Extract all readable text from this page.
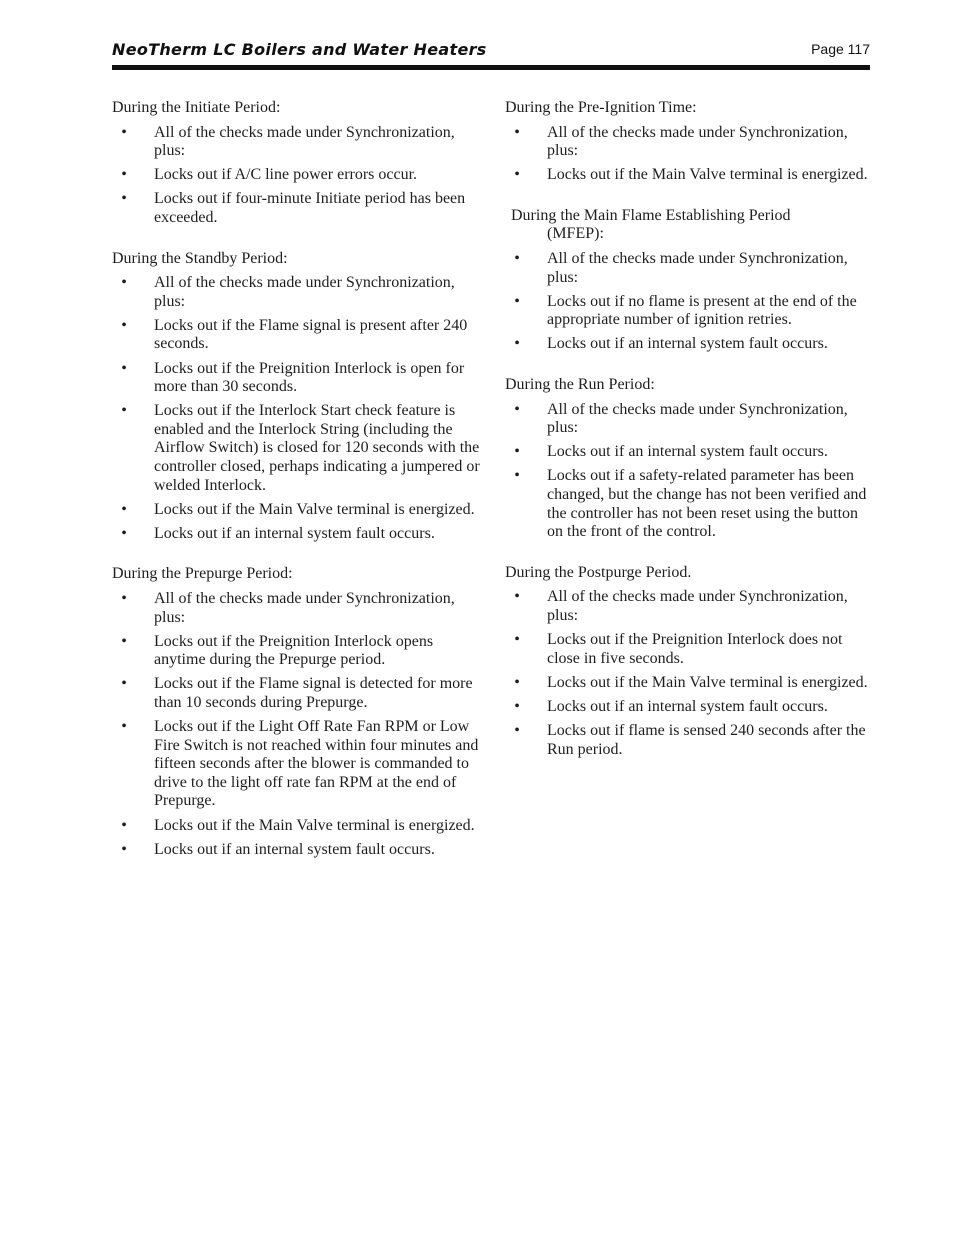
NeoTherm LC Boilers and Water Heaters	Page 117
During the Initiate Period:
• All of the checks made under Synchronization, plus:
• Locks out if A/C line power errors occur.
• Locks out if four-minute Initiate period has been exceeded.
During the Standby Period:
• All of the checks made under Synchronization, plus:
• Locks out if the Flame signal is present after 240 seconds.
• Locks out if the Preignition Interlock is open for more than 30 seconds.
• Locks out if the Interlock Start check feature is enabled and the Interlock String (including the Airflow Switch) is closed for 120 seconds with the controller closed, perhaps indicating a jumpered or welded Interlock.
• Locks out if the Main Valve terminal is energized.
• Locks out if an internal system fault occurs.
During the Prepurge Period:
• All of the checks made under Synchronization, plus:
• Locks out if the Preignition Interlock opens anytime during the Prepurge period.
• Locks out if the Flame signal is detected for more than 10 seconds during Prepurge.
• Locks out if the Light Off Rate Fan RPM or Low Fire Switch is not reached within four minutes and fifteen seconds after the blower is commanded to drive to the light off rate fan RPM at the end of Prepurge.
• Locks out if the Main Valve terminal is energized.
• Locks out if an internal system fault occurs.
During the Pre-Ignition Time:
• All of the checks made under Synchronization, plus:
• Locks out if the Main Valve terminal is energized.
During the Main Flame Establishing Period
(MFEP):
• All of the checks made under Synchronization, plus:
• Locks out if no flame is present at the end of the appropriate number of ignition retries.
• Locks out if an internal system fault occurs.
During the Run Period:
• All of the checks made under Synchronization, plus:
• Locks out if an internal system fault occurs.
• Locks out if a safety-related parameter has been changed, but the change has not been verified and the controller has not been reset using the button on the front of the control.
During the Postpurge Period.
• All of the checks made under Synchronization, plus:
• Locks out if the Preignition Interlock does not close in five seconds.
• Locks out if the Main Valve terminal is energized.
• Locks out if an internal system fault occurs.
• Locks out if flame is sensed 240 seconds after the Run period.
